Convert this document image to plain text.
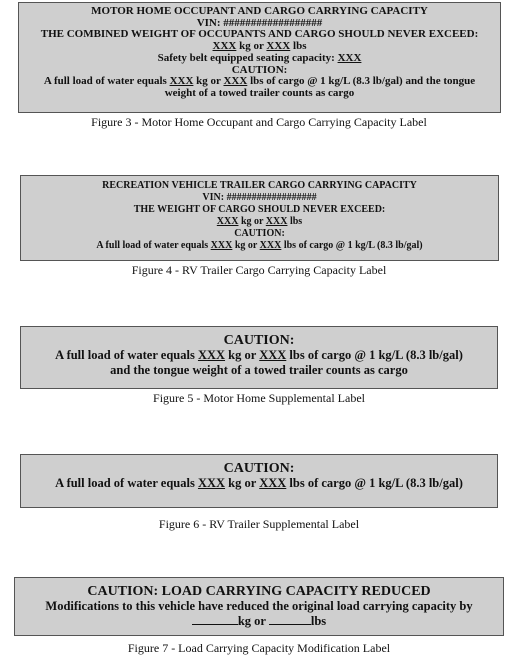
MOTOR HOME OCCUPANT AND CARGO CARRYING CAPACITY
VIN: ##################
THE COMBINED WEIGHT OF OCCUPANTS AND CARGO SHOULD NEVER EXCEED:
XXX kg or XXX lbs
Safety belt equipped seating capacity: XXX
CAUTION:
A full load of water equals XXX kg or XXX lbs of cargo @ 1 kg/L (8.3 lb/gal) and the tongue
weight of a towed trailer counts as cargo
Figure 3 - Motor Home Occupant and Cargo Carrying Capacity Label
RECREATION VEHICLE TRAILER CARGO CARRYING CAPACITY
VIN: ##################
THE WEIGHT OF CARGO SHOULD NEVER EXCEED:
XXX kg or XXX lbs
CAUTION:
A full load of water equals XXX kg or XXX lbs of cargo @ 1 kg/L (8.3 lb/gal)
Figure 4 - RV Trailer Cargo Carrying Capacity Label
CAUTION:
A full load of water equals XXX kg or XXX lbs of cargo @ 1 kg/L (8.3 lb/gal)
and the tongue weight of a towed trailer counts as cargo
Figure 5 - Motor Home Supplemental Label
CAUTION:
A full load of water equals XXX kg or XXX lbs of cargo @ 1 kg/L (8.3 lb/gal)
Figure 6 - RV Trailer Supplemental Label
CAUTION: LOAD CARRYING CAPACITY REDUCED
Modifications to this vehicle have reduced the original load carrying capacity by
kg or	lbs
Figure 7 - Load Carrying Capacity Modification Label
